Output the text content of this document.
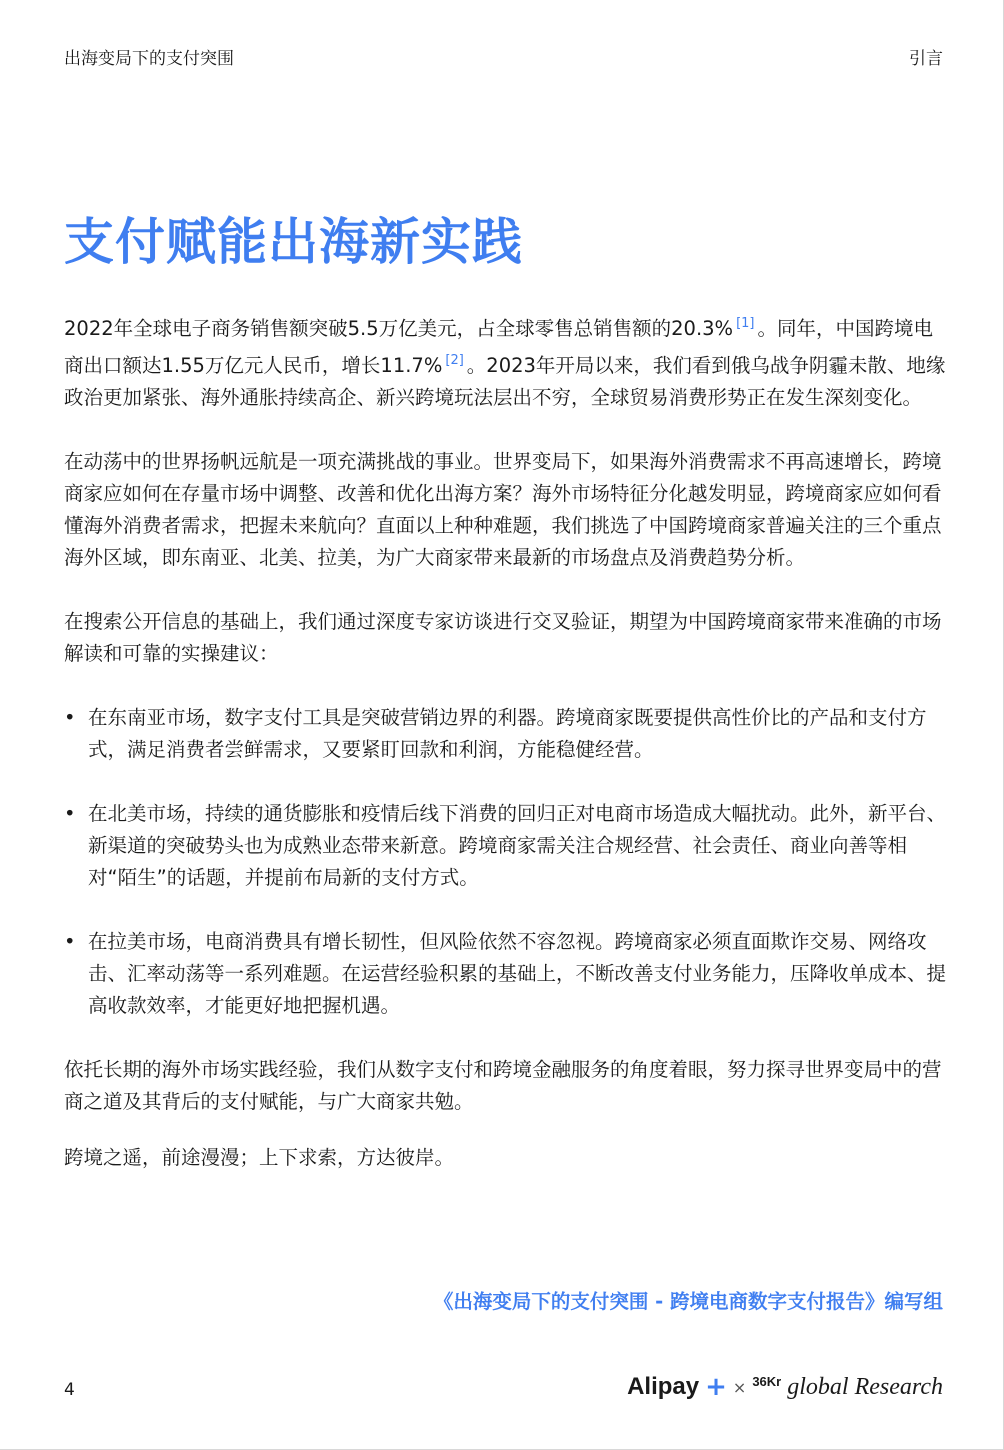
出海变局下的支付突围	引言
支付赋能出海新实践

2022年全球电子商务销售额突破5.5万亿美元，占全球零售总销售额的20.3% [1] 。同年，中国跨境电商出口额达1.55万亿元人民币，增长11.7% [2] 。2023年开局以来，我们看到俄乌战争阴霾未散、地缘政治更加紧张、海外通胀持续高企、新兴跨境玩法层出不穷，全球贸易消费形势正在发生深刻变化。

在动荡中的世界扬帆远航是一项充满挑战的事业。世界变局下，如果海外消费需求不再高速增长，跨境商家应如何在存量市场中调整、改善和优化出海方案？海外市场特征分化越发明显，跨境商家应如何看懂海外消费者需求，把握未来航向？直面以上种种难题，我们挑选了中国跨境商家普遍关注的三个重点海外区域，即东南亚、北美、拉美，为广大商家带来最新的市场盘点及消费趋势分析。

在搜索公开信息的基础上，我们通过深度专家访谈进行交叉验证，期望为中国跨境商家带来准确的市场解读和可靠的实操建议：

• 在东南亚市场，数字支付工具是突破营销边界的利器。跨境商家既要提供高性价比的产品和支付方式，满足消费者尝鲜需求，又要紧盯回款和利润，方能稳健经营。
• 在北美市场，持续的通货膨胀和疫情后线下消费的回归正对电商市场造成大幅扰动。此外，新平台、新渠道的突破势头也为成熟业态带来新意。跨境商家需关注合规经营、社会责任、商业向善等相对“陌生”的话题，并提前布局新的支付方式。
• 在拉美市场，电商消费具有增长韧性，但风险依然不容忽视。跨境商家必须直面欺诈交易、网络攻击、汇率动荡等一系列难题。在运营经验积累的基础上，不断改善支付业务能力，压降收单成本、提高收款效率，才能更好地把握机遇。

依托长期的海外市场实践经验，我们从数字支付和跨境金融服务的角度着眼，努力探寻世界变局中的营商之道及其背后的支付赋能，与广大商家共勉。

跨境之遥，前途漫漫；上下求索，方达彼岸。

《出海变局下的支付突围 - 跨境电商数字支付报告》编写组
4	Alipay + × 36Kr global Research
